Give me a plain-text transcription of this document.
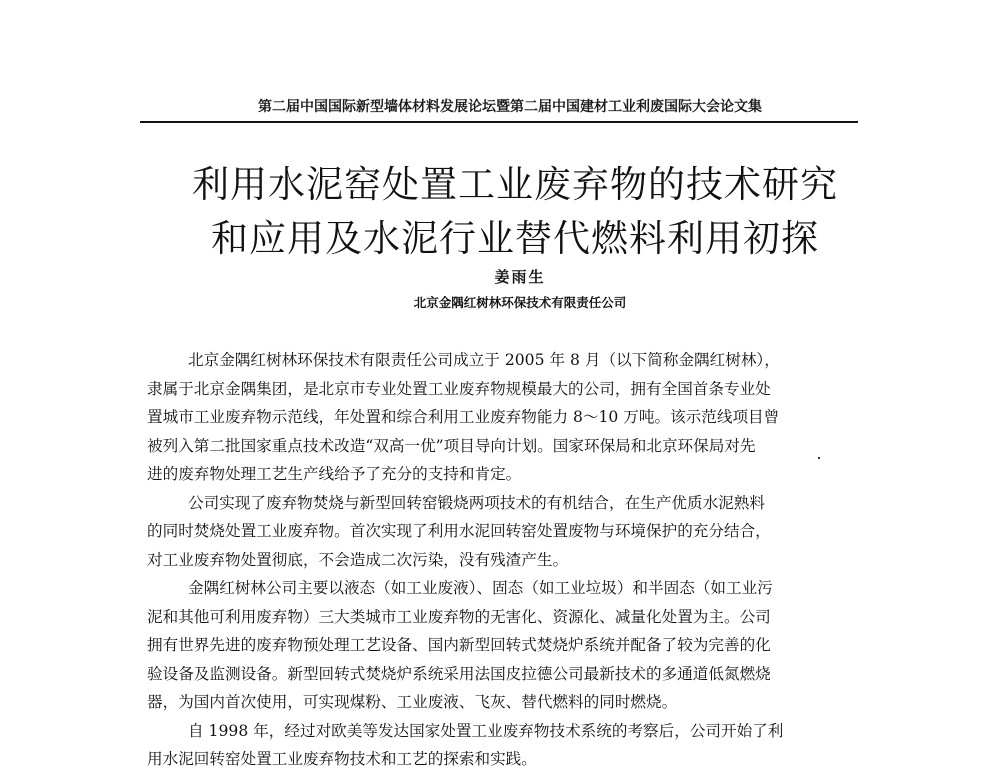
第二届中国国际新型墙体材料发展论坛暨第二届中国建材工业利废国际大会论文集
利用水泥窑处置工业废弃物的技术研究
和应用及水泥行业替代燃料利用初探
姜雨生
北京金隅红树林环保技术有限责任公司
北京金隅红树林环保技术有限责任公司成立于 2005 年 8 月（以下简称金隅红树林），
隶属于北京金隅集团，是北京市专业处置工业废弃物规模最大的公司，拥有全国首条专业处
置城市工业废弃物示范线，年处置和综合利用工业废弃物能力 8～10 万吨。该示范线项目曾
被列入第二批国家重点技术改造“双高一优”项目导向计划。国家环保局和北京环保局对先
进的废弃物处理工艺生产线给予了充分的支持和肯定。
公司实现了废弃物焚烧与新型回转窑锻烧两项技术的有机结合，在生产优质水泥熟料
的同时焚烧处置工业废弃物。首次实现了利用水泥回转窑处置废物与环境保护的充分结合，
对工业废弃物处置彻底，不会造成二次污染，没有残渣产生。
金隅红树林公司主要以液态（如工业废液）、固态（如工业垃圾）和半固态（如工业污
泥和其他可利用废弃物）三大类城市工业废弃物的无害化、资源化、减量化处置为主。公司
拥有世界先进的废弃物预处理工艺设备、国内新型回转式焚烧炉系统并配备了较为完善的化
验设备及监测设备。新型回转式焚烧炉系统采用法国皮拉德公司最新技术的多通道低氮燃烧
器，为国内首次使用，可实现煤粉、工业废液、飞灰、替代燃料的同时燃烧。
自 1998 年，经过对欧美等发达国家处置工业废弃物技术系统的考察后，公司开始了利
用水泥回转窑处置工业废弃物技术和工艺的探索和实践。
